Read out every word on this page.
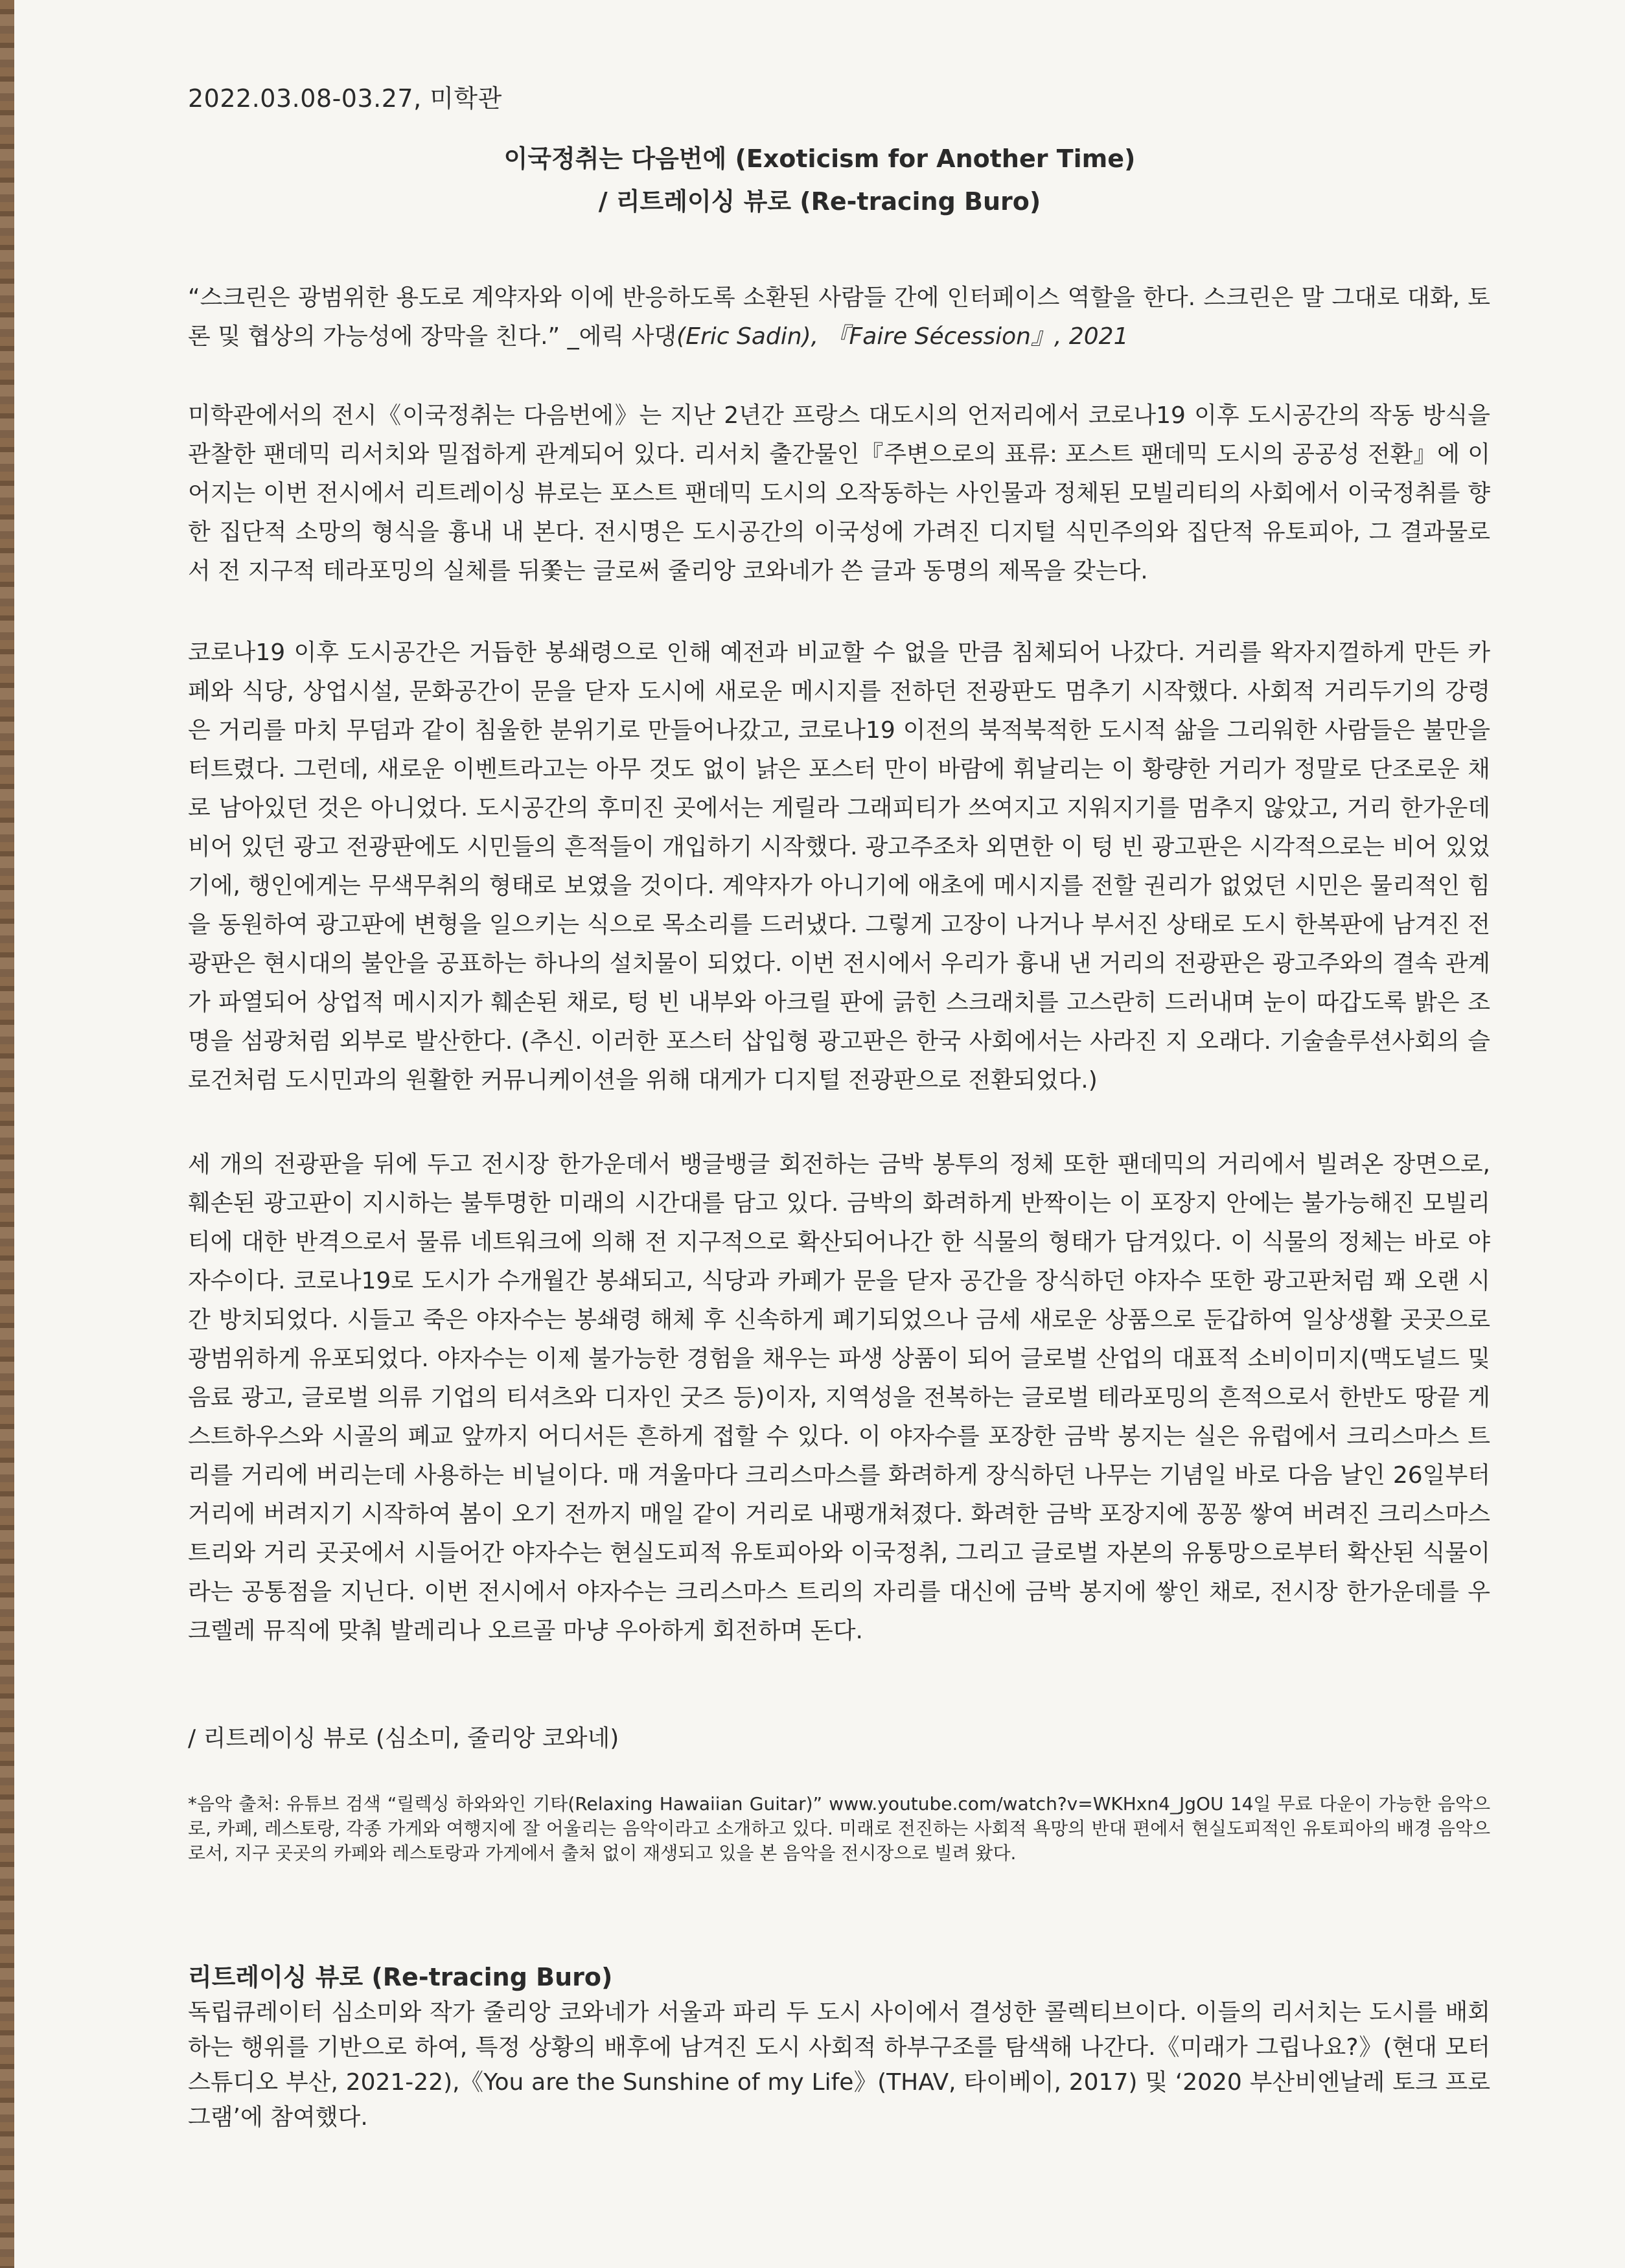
2022.03.08-03.27, 미학관
이국정취는 다음번에 (Exoticism for Another Time)
/ 리트레이싱 뷰로 (Re-tracing Buro)
“스크린은 광범위한 용도로 계약자와 이에 반응하도록 소환된 사람들 간에 인터페이스 역할을 한다. 스크린은 말 그대로 대화, 토론 및 협상의 가능성에 장막을 친다.” _에릭 사댕(Eric Sadin), 『Faire Sécession』, 2021
미학관에서의 전시《이국정취는 다음번에》는 지난 2년간 프랑스 대도시의 언저리에서 코로나19 이후 도시공간의 작동 방식을 관찰한 팬데믹 리서치와 밀접하게 관계되어 있다. 리서치 출간물인『주변으로의 표류: 포스트 팬데믹 도시의 공공성 전환』에 이어지는 이번 전시에서 리트레이싱 뷰로는 포스트 팬데믹 도시의 오작동하는 사인물과 정체된 모빌리티의 사회에서 이국정취를 향한 집단적 소망의 형식을 흉내 내 본다. 전시명은 도시공간의 이국성에 가려진 디지털 식민주의와 집단적 유토피아, 그 결과물로서 전 지구적 테라포밍의 실체를 뒤쫓는 글로써 줄리앙 코와네가 쓴 글과 동명의 제목을 갖는다.
코로나19 이후 도시공간은 거듭한 봉쇄령으로 인해 예전과 비교할 수 없을 만큼 침체되어 나갔다. 거리를 왁자지껄하게 만든 카페와 식당, 상업시설, 문화공간이 문을 닫자 도시에 새로운 메시지를 전하던 전광판도 멈추기 시작했다. 사회적 거리두기의 강령은 거리를 마치 무덤과 같이 침울한 분위기로 만들어나갔고, 코로나19 이전의 북적북적한 도시적 삶을 그리워한 사람들은 불만을 터트렸다. 그런데, 새로운 이벤트라고는 아무 것도 없이 낡은 포스터 만이 바람에 휘날리는 이 황량한 거리가 정말로 단조로운 채로 남아있던 것은 아니었다. 도시공간의 후미진 곳에서는 게릴라 그래피티가 쓰여지고 지워지기를 멈추지 않았고, 거리 한가운데 비어 있던 광고 전광판에도 시민들의 흔적들이 개입하기 시작했다. 광고주조차 외면한 이 텅 빈 광고판은 시각적으로는 비어 있었기에, 행인에게는 무색무취의 형태로 보였을 것이다. 계약자가 아니기에 애초에 메시지를 전할 권리가 없었던 시민은 물리적인 힘을 동원하여 광고판에 변형을 일으키는 식으로 목소리를 드러냈다. 그렇게 고장이 나거나 부서진 상태로 도시 한복판에 남겨진 전광판은 현시대의 불안을 공표하는 하나의 설치물이 되었다. 이번 전시에서 우리가 흉내 낸 거리의 전광판은 광고주와의 결속 관계가 파열되어 상업적 메시지가 훼손된 채로, 텅 빈 내부와 아크릴 판에 긁힌 스크래치를 고스란히 드러내며 눈이 따갑도록 밝은 조명을 섬광처럼 외부로 발산한다. (추신. 이러한 포스터 삽입형 광고판은 한국 사회에서는 사라진 지 오래다. 기술솔루션사회의 슬로건처럼 도시민과의 원활한 커뮤니케이션을 위해 대게가 디지털 전광판으로 전환되었다.)
세 개의 전광판을 뒤에 두고 전시장 한가운데서 뱅글뱅글 회전하는 금박 봉투의 정체 또한 팬데믹의 거리에서 빌려온 장면으로, 훼손된 광고판이 지시하는 불투명한 미래의 시간대를 담고 있다. 금박의 화려하게 반짝이는 이 포장지 안에는 불가능해진 모빌리티에 대한 반격으로서 물류 네트워크에 의해 전 지구적으로 확산되어나간 한 식물의 형태가 담겨있다. 이 식물의 정체는 바로 야자수이다. 코로나19로 도시가 수개월간 봉쇄되고, 식당과 카페가 문을 닫자 공간을 장식하던 야자수 또한 광고판처럼 꽤 오랜 시간 방치되었다. 시들고 죽은 야자수는 봉쇄령 해체 후 신속하게 폐기되었으나 금세 새로운 상품으로 둔갑하여 일상생활 곳곳으로 광범위하게 유포되었다. 야자수는 이제 불가능한 경험을 채우는 파생 상품이 되어 글로벌 산업의 대표적 소비이미지(맥도널드 및 음료 광고, 글로벌 의류 기업의 티셔츠와 디자인 굿즈 등)이자, 지역성을 전복하는 글로벌 테라포밍의 흔적으로서 한반도 땅끝 게스트하우스와 시골의 폐교 앞까지 어디서든 흔하게 접할 수 있다. 이 야자수를 포장한 금박 봉지는 실은 유럽에서 크리스마스 트리를 거리에 버리는데 사용하는 비닐이다. 매 겨울마다 크리스마스를 화려하게 장식하던 나무는 기념일 바로 다음 날인 26일부터 거리에 버려지기 시작하여 봄이 오기 전까지 매일 같이 거리로 내팽개쳐졌다. 화려한 금박 포장지에 꽁꽁 쌓여 버려진 크리스마스 트리와 거리 곳곳에서 시들어간 야자수는 현실도피적 유토피아와 이국정취, 그리고 글로벌 자본의 유통망으로부터 확산된 식물이라는 공통점을 지닌다. 이번 전시에서 야자수는 크리스마스 트리의 자리를 대신에 금박 봉지에 쌓인 채로, 전시장 한가운데를 우크렐레 뮤직에 맞춰 발레리나 오르골 마냥 우아하게 회전하며 돈다.
/ 리트레이싱 뷰로 (심소미, 줄리앙 코와네)
*음악 출처: 유튜브 검색 “릴렉싱 하와와인 기타(Relaxing Hawaiian Guitar)” www.youtube.com/watch?v=WKHxn4_JgOU 14일 무료 다운이 가능한 음악으로, 카페, 레스토랑, 각종 가게와 여행지에 잘 어울리는 음악이라고 소개하고 있다. 미래로 전진하는 사회적 욕망의 반대 편에서 현실도피적인 유토피아의 배경 음악으로서, 지구 곳곳의 카페와 레스토랑과 가게에서 출처 없이 재생되고 있을 본 음악을 전시장으로 빌려 왔다.
리트레이싱 뷰로 (Re-tracing Buro)
독립큐레이터 심소미와 작가 줄리앙 코와네가 서울과 파리 두 도시 사이에서 결성한 콜렉티브이다. 이들의 리서치는 도시를 배회하는 행위를 기반으로 하여, 특정 상황의 배후에 남겨진 도시 사회적 하부구조를 탐색해 나간다.《미래가 그립나요?》(현대 모터스튜디오 부산, 2021-22),《You are the Sunshine of my Life》(THAV, 타이베이, 2017) 및 ‘2020 부산비엔날레 토크 프로그램’에 참여했다.
